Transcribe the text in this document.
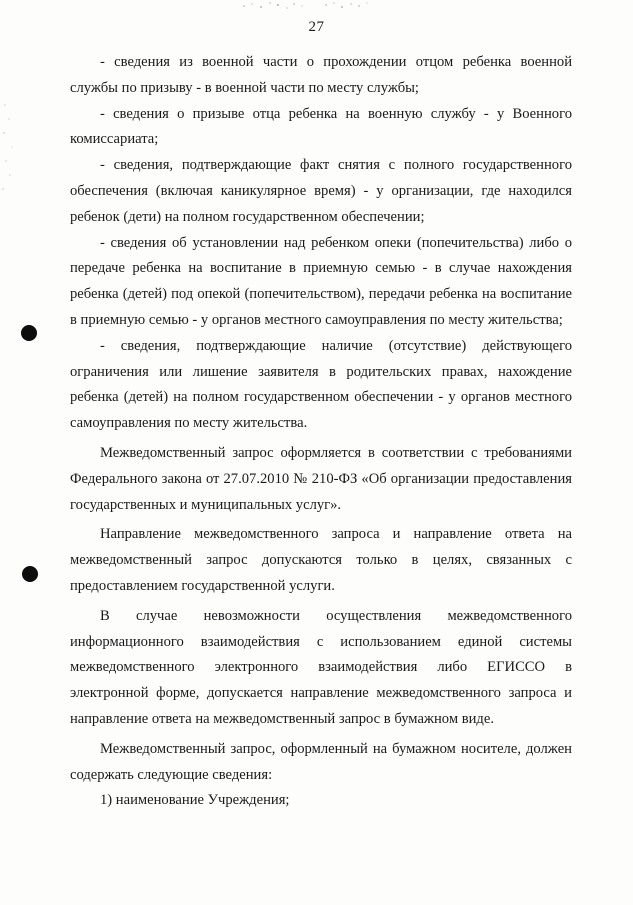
27

- сведения из военной части о прохождении отцом ребенка военной службы по призыву - в военной части по месту службы;

- сведения о призыве отца ребенка на военную службу - у Военного комиссариата;

- сведения, подтверждающие факт снятия с полного государственного обеспечения (включая каникулярное время) - у организации, где находился ребенок (дети) на полном государственном обеспечении;

- сведения об установлении над ребенком опеки (попечительства) либо о передаче ребенка на воспитание в приемную семью - в случае нахождения ребенка (детей) под опекой (попечительством), передачи ребенка на воспитание в приемную семью - у органов местного самоуправления по месту жительства;

- сведения, подтверждающие наличие (отсутствие) действующего ограничения или лишение заявителя в родительских правах, нахождение ребенка (детей) на полном государственном обеспечении - у органов местного самоуправления по месту жительства.

Межведомственный запрос оформляется в соответствии с требованиями Федерального закона от 27.07.2010 № 210-ФЗ «Об организации предоставления государственных и муниципальных услуг».

Направление межведомственного запроса и направление ответа на межведомственный запрос допускаются только в целях, связанных с предоставлением государственной услуги.

В случае невозможности осуществления межведомственного информационного взаимодействия с использованием единой системы межведомственного электронного взаимодействия либо ЕГИССО в электронной форме, допускается направление межведомственного запроса и направление ответа на межведомственный запрос в бумажном виде.

Межведомственный запрос, оформленный на бумажном носителе, должен содержать следующие сведения:

1) наименование Учреждения;
